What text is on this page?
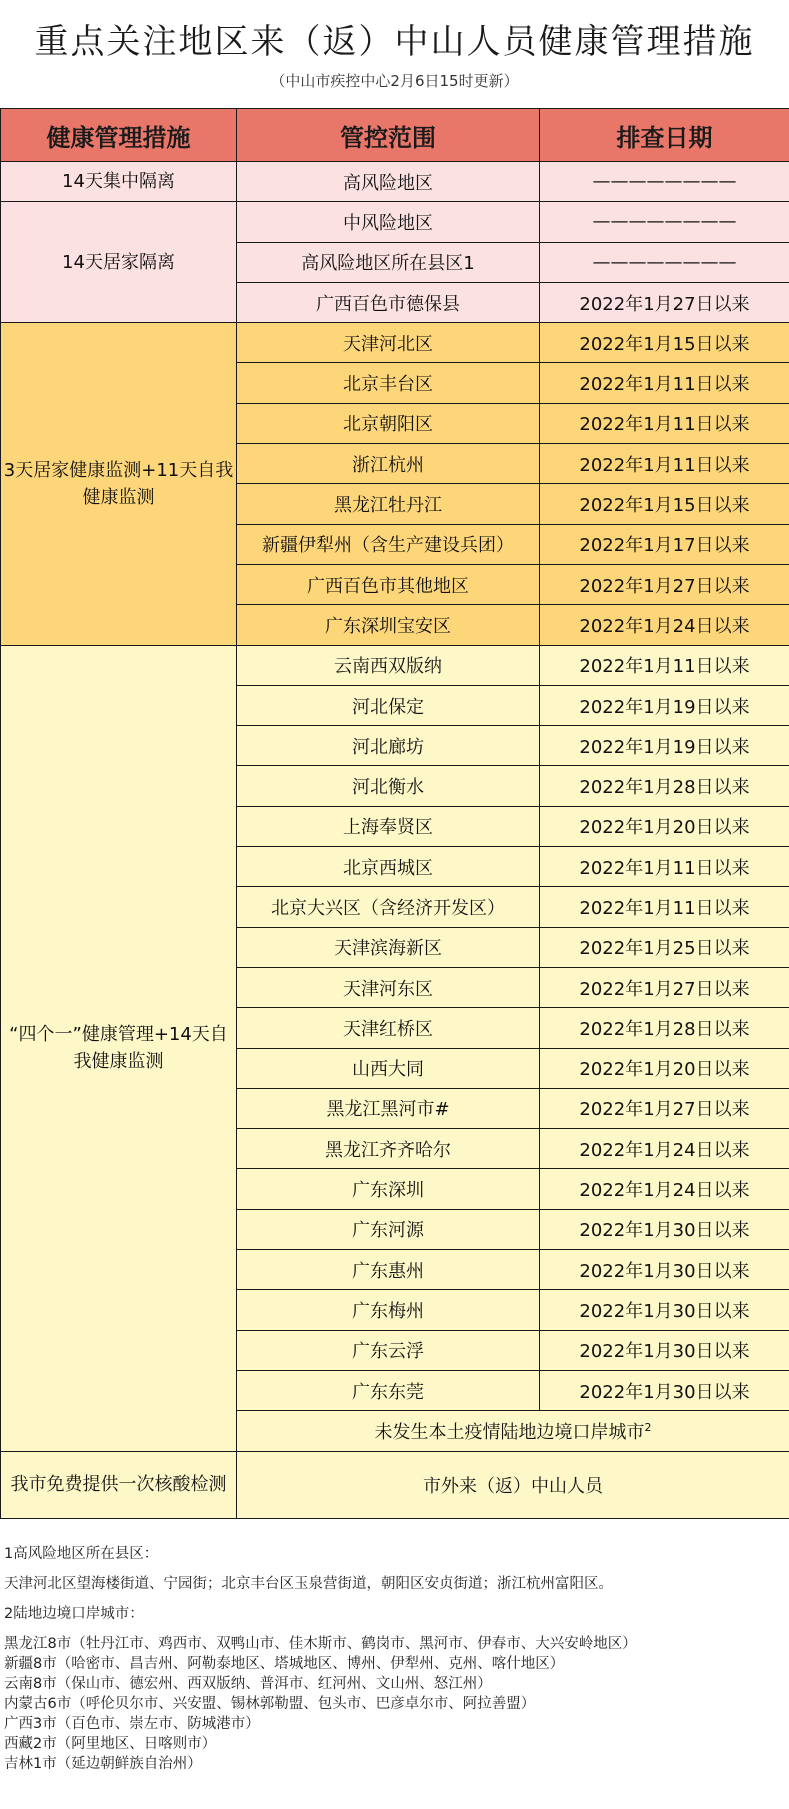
重点关注地区来（返）中山人员健康管理措施
（中山市疾控中心2月6日15时更新）
健康管理措施	管控范围	排查日期
14天集中隔离	高风险地区	————————
14天居家隔离	中风险地区	————————
	高风险地区所在县区1	————————
	广西百色市德保县	2022年1月27日以来
3天居家健康监测+11天自我健康监测	天津河北区	2022年1月15日以来
	北京丰台区	2022年1月11日以来
	北京朝阳区	2022年1月11日以来
	浙江杭州	2022年1月11日以来
	黑龙江牡丹江	2022年1月15日以来
	新疆伊犁州（含生产建设兵团）	2022年1月17日以来
	广西百色市其他地区	2022年1月27日以来
	广东深圳宝安区	2022年1月24日以来
“四个一”健康管理+14天自我健康监测	云南西双版纳	2022年1月11日以来
	河北保定	2022年1月19日以来
	河北廊坊	2022年1月19日以来
	河北衡水	2022年1月28日以来
	上海奉贤区	2022年1月20日以来
	北京西城区	2022年1月11日以来
	北京大兴区（含经济开发区）	2022年1月11日以来
	天津滨海新区	2022年1月25日以来
	天津河东区	2022年1月27日以来
	天津红桥区	2022年1月28日以来
	山西大同	2022年1月20日以来
	黑龙江黑河市#	2022年1月27日以来
	黑龙江齐齐哈尔	2022年1月24日以来
	广东深圳	2022年1月24日以来
	广东河源	2022年1月30日以来
	广东惠州	2022年1月30日以来
	广东梅州	2022年1月30日以来
	广东云浮	2022年1月30日以来
	广东东莞	2022年1月30日以来
	未发生本土疫情陆地边境口岸城市$^2$
我市免费提供一次核酸检测	市外来（返）中山人员	

1高风险地区所在县区：

天津河北区望海楼街道、宁园街；北京丰台区玉泉营街道，朝阳区安贞街道；浙江杭州富阳区。

2陆地边境口岸城市：

黑龙江8市（牡丹江市、鸡西市、双鸭山市、佳木斯市、鹤岗市、黑河市、伊春市、大兴安岭地区）

新疆8市（哈密市、昌吉州、阿勒泰地区、塔城地区、博州、伊犁州、克州、喀什地区）

云南8市（保山市、德宏州、西双版纳、普洱市、红河州、文山州、怒江州）

内蒙古6市（呼伦贝尔市、兴安盟、锡林郭勒盟、包头市、巴彦卓尔市、阿拉善盟）

广西3市（百色市、崇左市、防城港市）

西藏2市（阿里地区、日喀则市）

吉林1市（延边朝鲜族自治州）
